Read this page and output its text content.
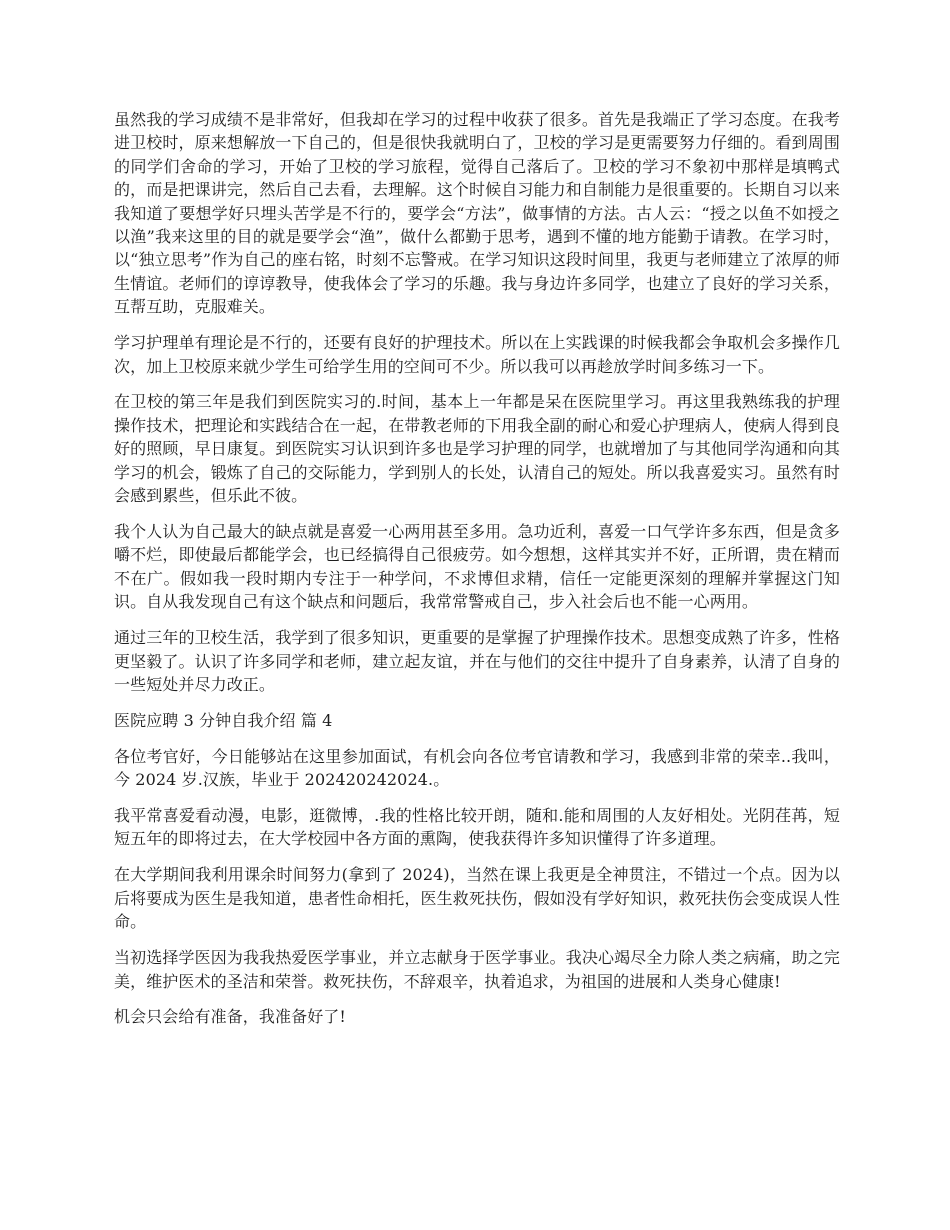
虽然我的学习成绩不是非常好，但我却在学习的过程中收获了很多。首先是我端正了学习态度。在我考进卫校时，原来想解放一下自己的，但是很快我就明白了，卫校的学习是更需要努力仔细的。看到周围的同学们舍命的学习，开始了卫校的学习旅程，觉得自己落后了。卫校的学习不象初中那样是填鸭式的，而是把课讲完，然后自己去看，去理解。这个时候自习能力和自制能力是很重要的。长期自习以来我知道了要想学好只埋头苦学是不行的，要学会“方法”，做事情的方法。古人云：“授之以鱼不如授之以渔”我来这里的目的就是要学会“渔”，做什么都勤于思考，遇到不懂的地方能勤于请教。在学习时，以“独立思考”作为自己的座右铭，时刻不忘警戒。在学习知识这段时间里，我更与老师建立了浓厚的师生情谊。老师们的谆谆教导，使我体会了学习的乐趣。我与身边许多同学，也建立了良好的学习关系，互帮互助，克服难关。

学习护理单有理论是不行的，还要有良好的护理技术。所以在上实践课的时候我都会争取机会多操作几次，加上卫校原来就少学生可给学生用的空间可不少。所以我可以再趁放学时间多练习一下。

在卫校的第三年是我们到医院实习的.时间，基本上一年都是呆在医院里学习。再这里我熟练我的护理操作技术，把理论和实践结合在一起，在带教老师的下用我全副的耐心和爱心护理病人，使病人得到良好的照顾，早日康复。到医院实习认识到许多也是学习护理的同学，也就增加了与其他同学沟通和向其学习的机会，锻炼了自己的交际能力，学到别人的长处，认清自己的短处。所以我喜爱实习。虽然有时会感到累些，但乐此不彼。

我个人认为自己最大的缺点就是喜爱一心两用甚至多用。急功近利，喜爱一口气学许多东西，但是贪多嚼不烂，即使最后都能学会，也已经搞得自己很疲劳。如今想想，这样其实并不好，正所谓，贵在精而不在广。假如我一段时期内专注于一种学问，不求博但求精，信任一定能更深刻的理解并掌握这门知识。自从我发现自己有这个缺点和问题后，我常常警戒自己，步入社会后也不能一心两用。

通过三年的卫校生活，我学到了很多知识，更重要的是掌握了护理操作技术。思想变成熟了许多，性格更坚毅了。认识了许多同学和老师，建立起友谊，并在与他们的交往中提升了自身素养，认清了自身的一些短处并尽力改正。

医院应聘 3 分钟自我介绍 篇 4

各位考官好，今日能够站在这里参加面试，有机会向各位考官请教和学习，我感到非常的荣幸..我叫，今 2024 岁.汉族，毕业于 202420242024.。

我平常喜爱看动漫，电影，逛微博，.我的性格比较开朗，随和.能和周围的人友好相处。光阴荏苒，短短五年的即将过去，在大学校园中各方面的熏陶，使我获得许多知识懂得了许多道理。

在大学期间我利用课余时间努力(拿到了 2024)，当然在课上我更是全神贯注，不错过一个点。因为以后将要成为医生是我知道，患者性命相托，医生救死扶伤，假如没有学好知识，救死扶伤会变成误人性命。

当初选择学医因为我我热爱医学事业，并立志献身于医学事业。我决心竭尽全力除人类之病痛，助之完美，维护医术的圣洁和荣誉。救死扶伤，不辞艰辛，执着追求，为祖国的进展和人类身心健康!

机会只会给有准备，我准备好了!
